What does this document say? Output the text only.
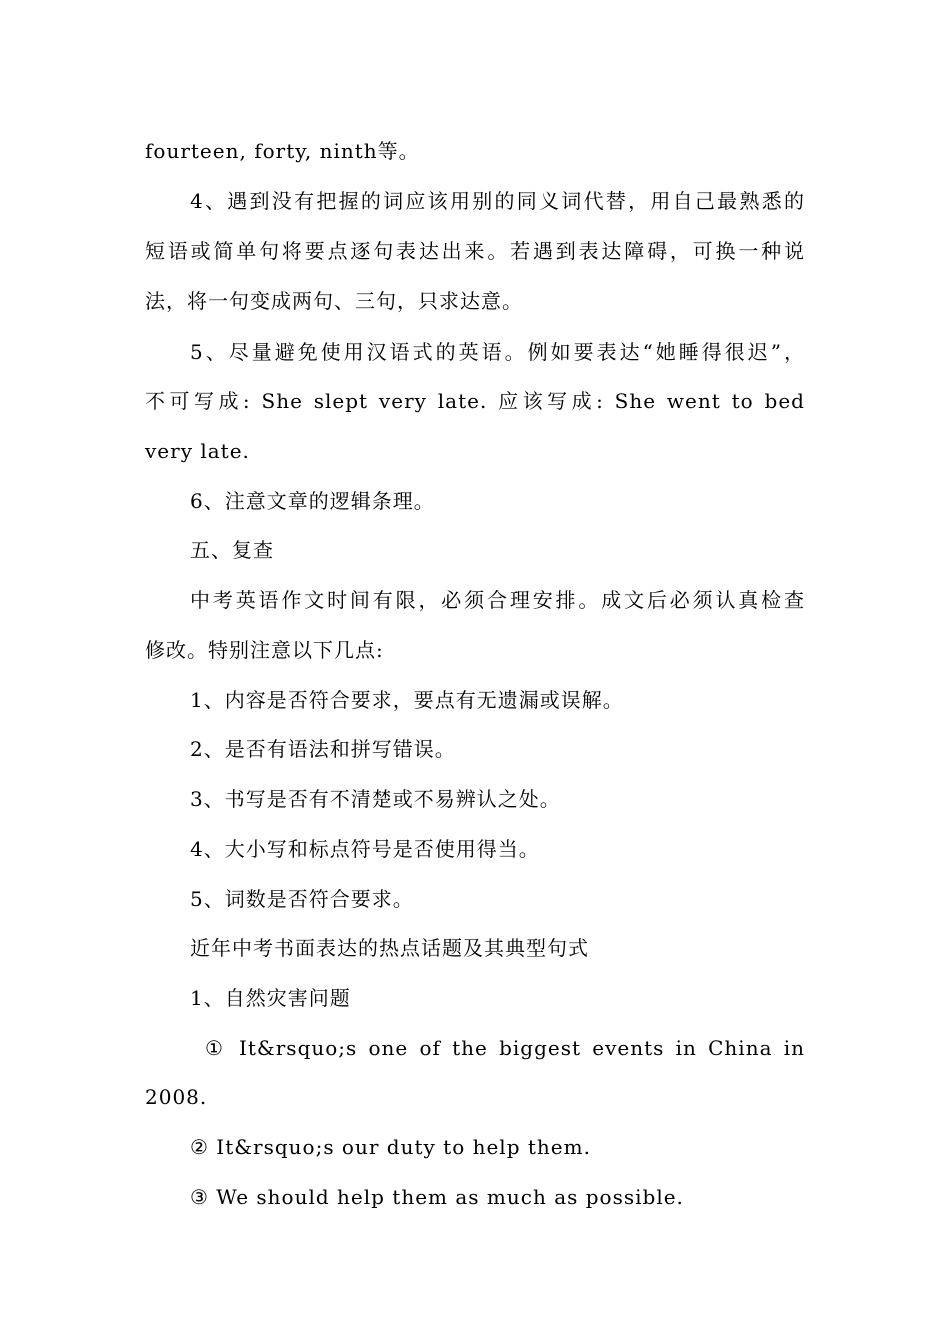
fourteen, forty, ninth等。
4、遇到没有把握的词应该用别的同义词代替，用自己最熟悉的
短语或简单句将要点逐句表达出来。若遇到表达障碍，可换一种说
法，将一句变成两句、三句，只求达意。
5、尽量避免使用汉语式的英语。例如要表达“她睡得很迟”，
不可写成: She slept very late. 应该写成: She went to bed
very late.
6、注意文章的逻辑条理。
五、复查
中考英语作文时间有限，必须合理安排。成文后必须认真检查
修改。特别注意以下几点:
1、内容是否符合要求，要点有无遗漏或误解。
2、是否有语法和拼写错误。
3、书写是否有不清楚或不易辨认之处。
4、大小写和标点符号是否使用得当。
5、词数是否符合要求。
近年中考书面表达的热点话题及其典型句式
1、自然灾害问题
① It&rsquo;s one of the biggest events in China in
2008.
② It&rsquo;s our duty to help them.
③ We should help them as much as possible.
